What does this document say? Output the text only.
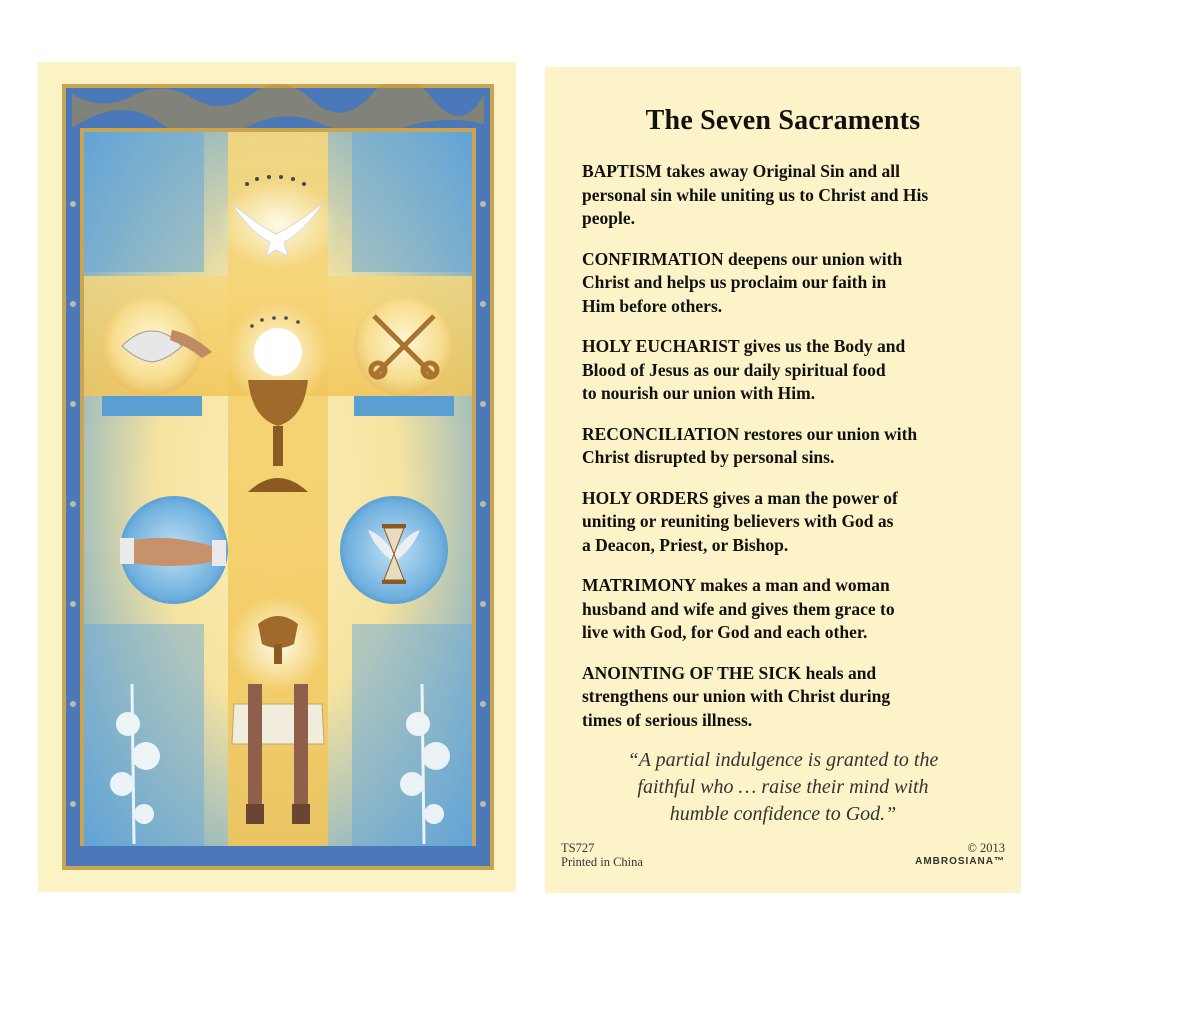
The Seven Sacraments

BAPTISM takes away Original Sin and all
personal sin while uniting us to Christ and His
people.

CONFIRMATION deepens our union with
Christ and helps us proclaim our faith in
Him before others.

HOLY EUCHARIST gives us the Body and
Blood of Jesus as our daily spiritual food
to nourish our union with Him.

RECONCILIATION restores our union with
Christ disrupted by personal sins.

HOLY ORDERS gives a man the power of
uniting or reuniting believers with God as
a Deacon, Priest, or Bishop.

MATRIMONY makes a man and woman
husband and wife and gives them grace to
live with God, for God and each other.

ANOINTING OF THE SICK heals and
strengthens our union with Christ during
times of serious illness.

“A partial indulgence is granted to the
faithful who … raise their mind with
humble confidence to God.”
TS727
Printed in China
© 2013
AMBROSIANA™
